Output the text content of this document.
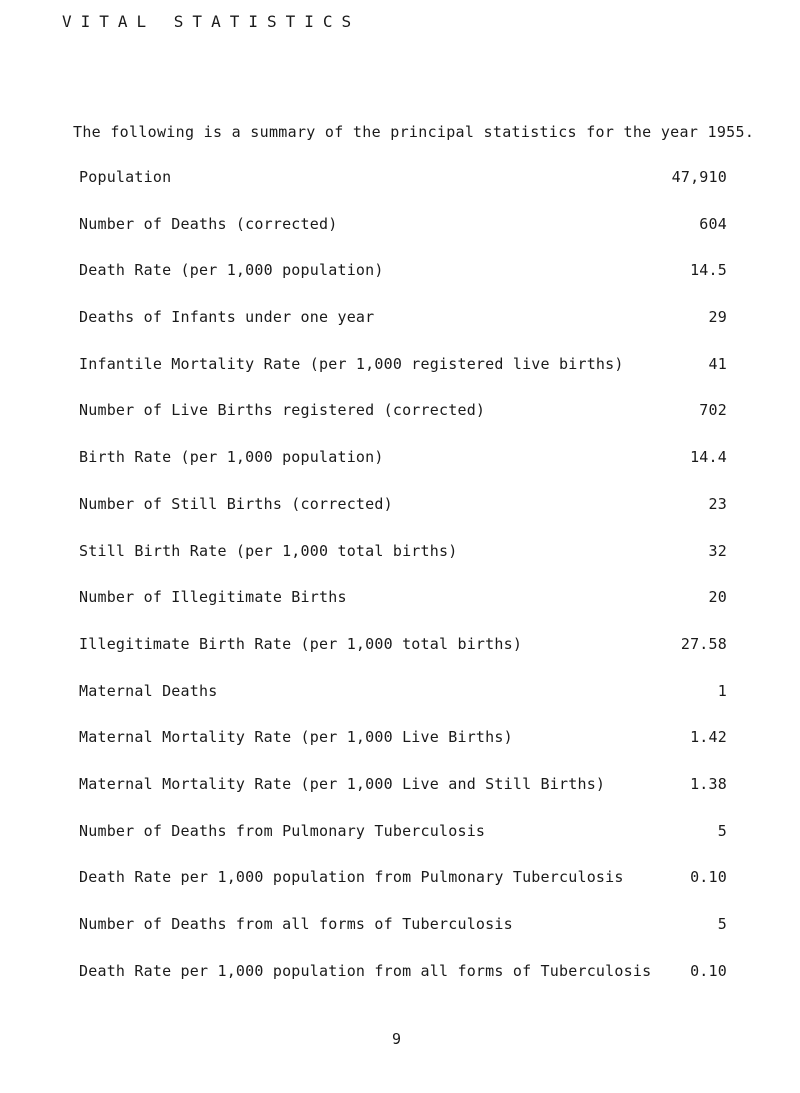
VITAL STATISTICS

The following is a summary of the principal statistics for the year 1955.

Population	47,910
Number of Deaths (corrected)	604
Death Rate (per 1,000 population)	14.5
Deaths of Infants under one year	29
Infantile Mortality Rate (per 1,000 registered live births)	41
Number of Live Births registered (corrected)	702
Birth Rate (per 1,000 population)	14.4
Number of Still Births (corrected)	23
Still Birth Rate (per 1,000 total births)	32
Number of Illegitimate Births	20
Illegitimate Birth Rate (per 1,000 total births)	27.58
Maternal Deaths	1
Maternal Mortality Rate (per 1,000 Live Births)	1.42
Maternal Mortality Rate (per 1,000 Live and Still Births)	1.38
Number of Deaths from Pulmonary Tuberculosis	5
Death Rate per 1,000 population from Pulmonary Tuberculosis	0.10
Number of Deaths from all forms of Tuberculosis	5
Death Rate per 1,000 population from all forms of Tuberculosis	0.10

9
